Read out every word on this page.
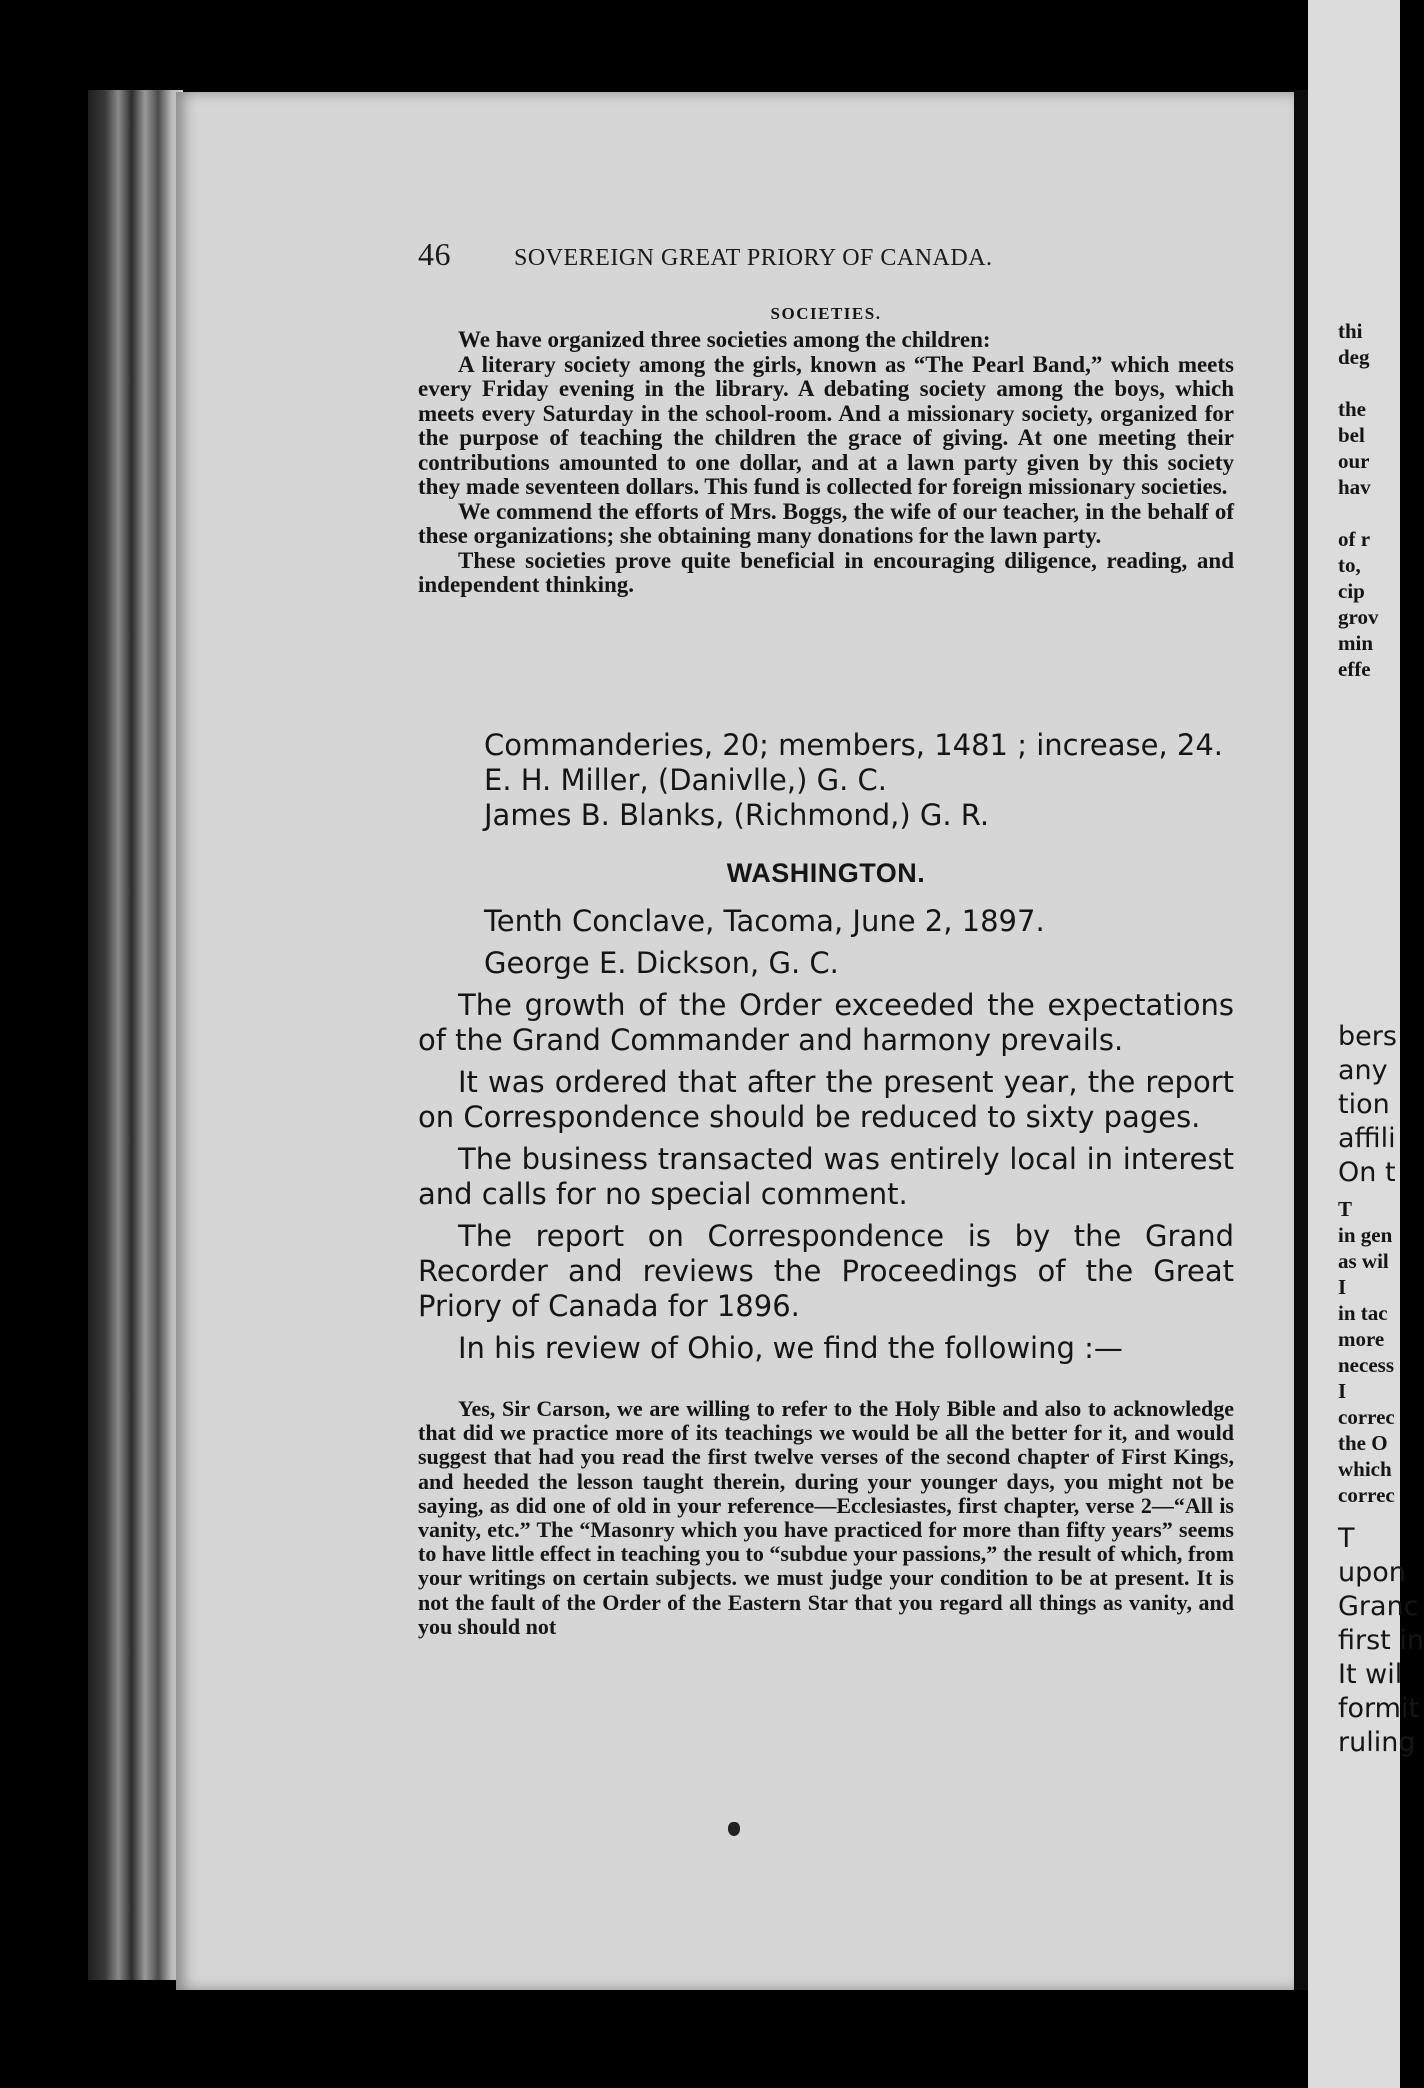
46	SOVEREIGN GREAT PRIORY OF CANADA.
SOCIETIES.

We have organized three societies among the children:

A literary society among the girls, known as “The Pearl Band,” which meets every Friday evening in the library. A debating society among the boys, which meets every Saturday in the school-room. And a missionary society, organized for the purpose of teaching the children the grace of giving. At one meeting their contributions amounted to one dollar, and at a lawn party given by this society they made seventeen dollars. This fund is collected for foreign missionary societies.

We commend the efforts of Mrs. Boggs, the wife of our teacher, in the behalf of these organizations; she obtaining many donations for the lawn party.

These societies prove quite beneficial in encouraging diligence, reading, and independent thinking.

Commanderies, 20; members, 1481 ; increase, 24.

E. H. Miller, (Danivlle,) G. C.

James B. Blanks, (Richmond,) G. R.

WASHINGTON.

Tenth Conclave, Tacoma, June 2, 1897.

George E. Dickson, G. C.

The growth of the Order exceeded the expectations of the Grand Commander and harmony prevails.

It was ordered that after the present year, the report on Correspondence should be reduced to sixty pages.

The business transacted was entirely local in interest and calls for no special comment.

The report on Correspondence is by the Grand Recorder and reviews the Proceedings of the Great Priory of Canada for 1896.

In his review of Ohio, we find the following :—

Yes, Sir Carson, we are willing to refer to the Holy Bible and also to acknowledge that did we practice more of its teachings we would be all the better for it, and would suggest that had you read the first twelve verses of the second chapter of First Kings, and heeded the lesson taught therein, during your younger days, you might not be saying, as did one of old in your reference—Ecclesiastes, first chapter, verse 2—“All is vanity, etc.” The “Masonry which you have practiced for more than fifty years” seems to have little effect in teaching you to “subdue your passions,” the result of which, from your writings on certain subjects. we must judge your condition to be at present. It is not the fault of the Order of the Eastern Star that you regard all things as vanity, and you should not

thi
deg

the
bel
our
hav

of r
to,
cip
grov
min
effe
bers
any
tion
affili
On t
T
in gen
as wil
I
in tac
more
necess
I
correc
the O
which
correc
T
upon
Granc
first in
It wil
formit
ruling
